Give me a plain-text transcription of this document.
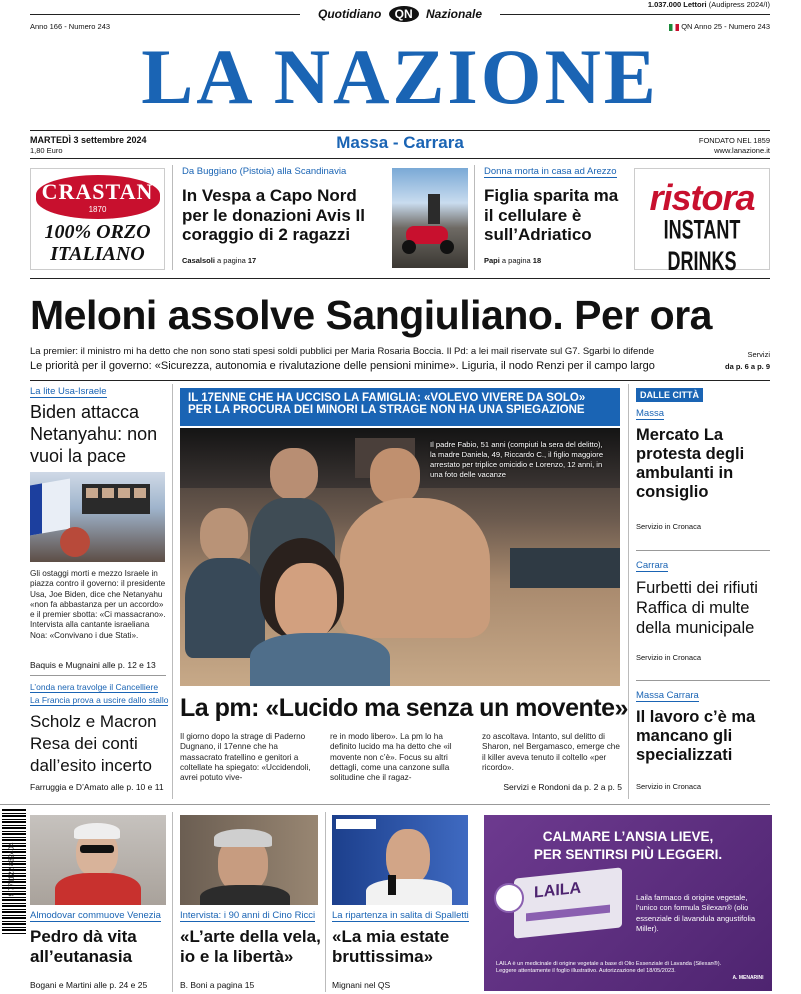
Quotidiano QN Nazionale
1.037.000 Lettori (Audipress 2024/I)
Anno 166 - Numero 243	QN Anno 25 - Numero 243
LA NAZIONE
MARTEDÌ 3 settembre 2024
1,80 Euro	Massa - Carrara	FONDATO NEL 1859
www.lanazione.it
CRASTAN
1870
100% ORZO
ITALIANO
Da Buggiano (Pistoia) alla Scandinavia
In Vespa a Capo Nord per le donazioni Avis Il coraggio di 2 ragazzi
Casalsoli a pagina 17
Donna morta in casa ad Arezzo
Figlia sparita ma il cellulare è sull’Adriatico
Papi a pagina 18
ristora
INSTANT DRINKS
Meloni assolve Sangiuliano. Per ora
La premier: il ministro mi ha detto che non sono stati spesi soldi pubblici per Maria Rosaria Boccia. Il Pd: a lei mail riservate sul G7. Sgarbi lo difende
Le priorità per il governo: «Sicurezza, autonomia e rivalutazione delle pensioni minime». Liguria, il nodo Renzi per il campo largo
Servizi
da p. 6 a p. 9
La lite Usa-Israele
Biden attacca Netanyahu: non vuoi la pace
Gli ostaggi morti e mezzo Israele in piazza contro il governo: il presidente Usa, Joe Biden, dice che Netanyahu «non fa abbastanza per un accordo» e il premier sbotta: «Ci massacrano». Intervista alla cantante israeliana Noa: «Convivano i due Stati».
Baquis e Mugnaini alle p. 12 e 13
L’onda nera travolge il Cancelliere
La Francia prova a uscire dallo stallo
Scholz e Macron Resa dei conti dall’esito incerto
Farruggia e D’Amato alle p. 10 e 11
IL 17ENNE CHE HA UCCISO LA FAMIGLIA: «VOLEVO VIVERE DA SOLO»
PER LA PROCURA DEI MINORI LA STRAGE NON HA UNA SPIEGAZIONE
Il padre Fabio, 51 anni (compiuti la sera del delitto), la madre Daniela, 49, Riccardo C., il figlio maggiore arrestato per triplice omicidio e Lorenzo, 12 anni, in una foto delle vacanze
La pm: «Lucido ma senza un movente»
Il giorno dopo la strage di Paderno Dugnano, il 17enne che ha massacrato fratellino e genitori a coltellate ha spiegato: «Uccidendoli, avrei potuto vive-
re in modo libero». La pm lo ha definito lucido ma ha detto che «il movente non c’è». Focus su altri dettagli, come una canzone sulla solitudine che il ragaz-
zo ascoltava. Intanto, sul delitto di Sharon, nel Bergamasco, emerge che il killer aveva tenuto il coltello «per ricordo».
Servizi e Rondoni da p. 2 a p. 5
DALLE CITTÀ
Massa
Mercato La protesta degli ambulanti in consiglio
Servizio in Cronaca
Carrara
Furbetti dei rifiuti Raffica di multe della municipale
Servizio in Cronaca
Massa Carrara
Il lavoro c’è ma mancano gli specializzati
Servizio in Cronaca
9 771122 832404
Almodovar commuove Venezia
Pedro dà vita all’eutanasia
Bogani e Martini alle p. 24 e 25
Intervista: i 90 anni di Cino Ricci
«L’arte della vela, io e la libertà»
B. Boni a pagina 15
La ripartenza in salita di Spalletti
«La mia estate bruttissima»
Mignani nel QS
CALMARE L’ANSIA LIEVE,
PER SENTIRSI PIÙ LEGGERI.
LAILA	Laila farmaco di origine vegetale, l’unico con formula Silexan® (olio essenziale di lavandula angustifolia Miller).
LAILA è un medicinale di origine vegetale a base di Olio Essenziale di Lavanda (Silexan®). Leggere attentamente il foglio illustrativo. Autorizzazione del 18/05/2023.
A. MENARINI
